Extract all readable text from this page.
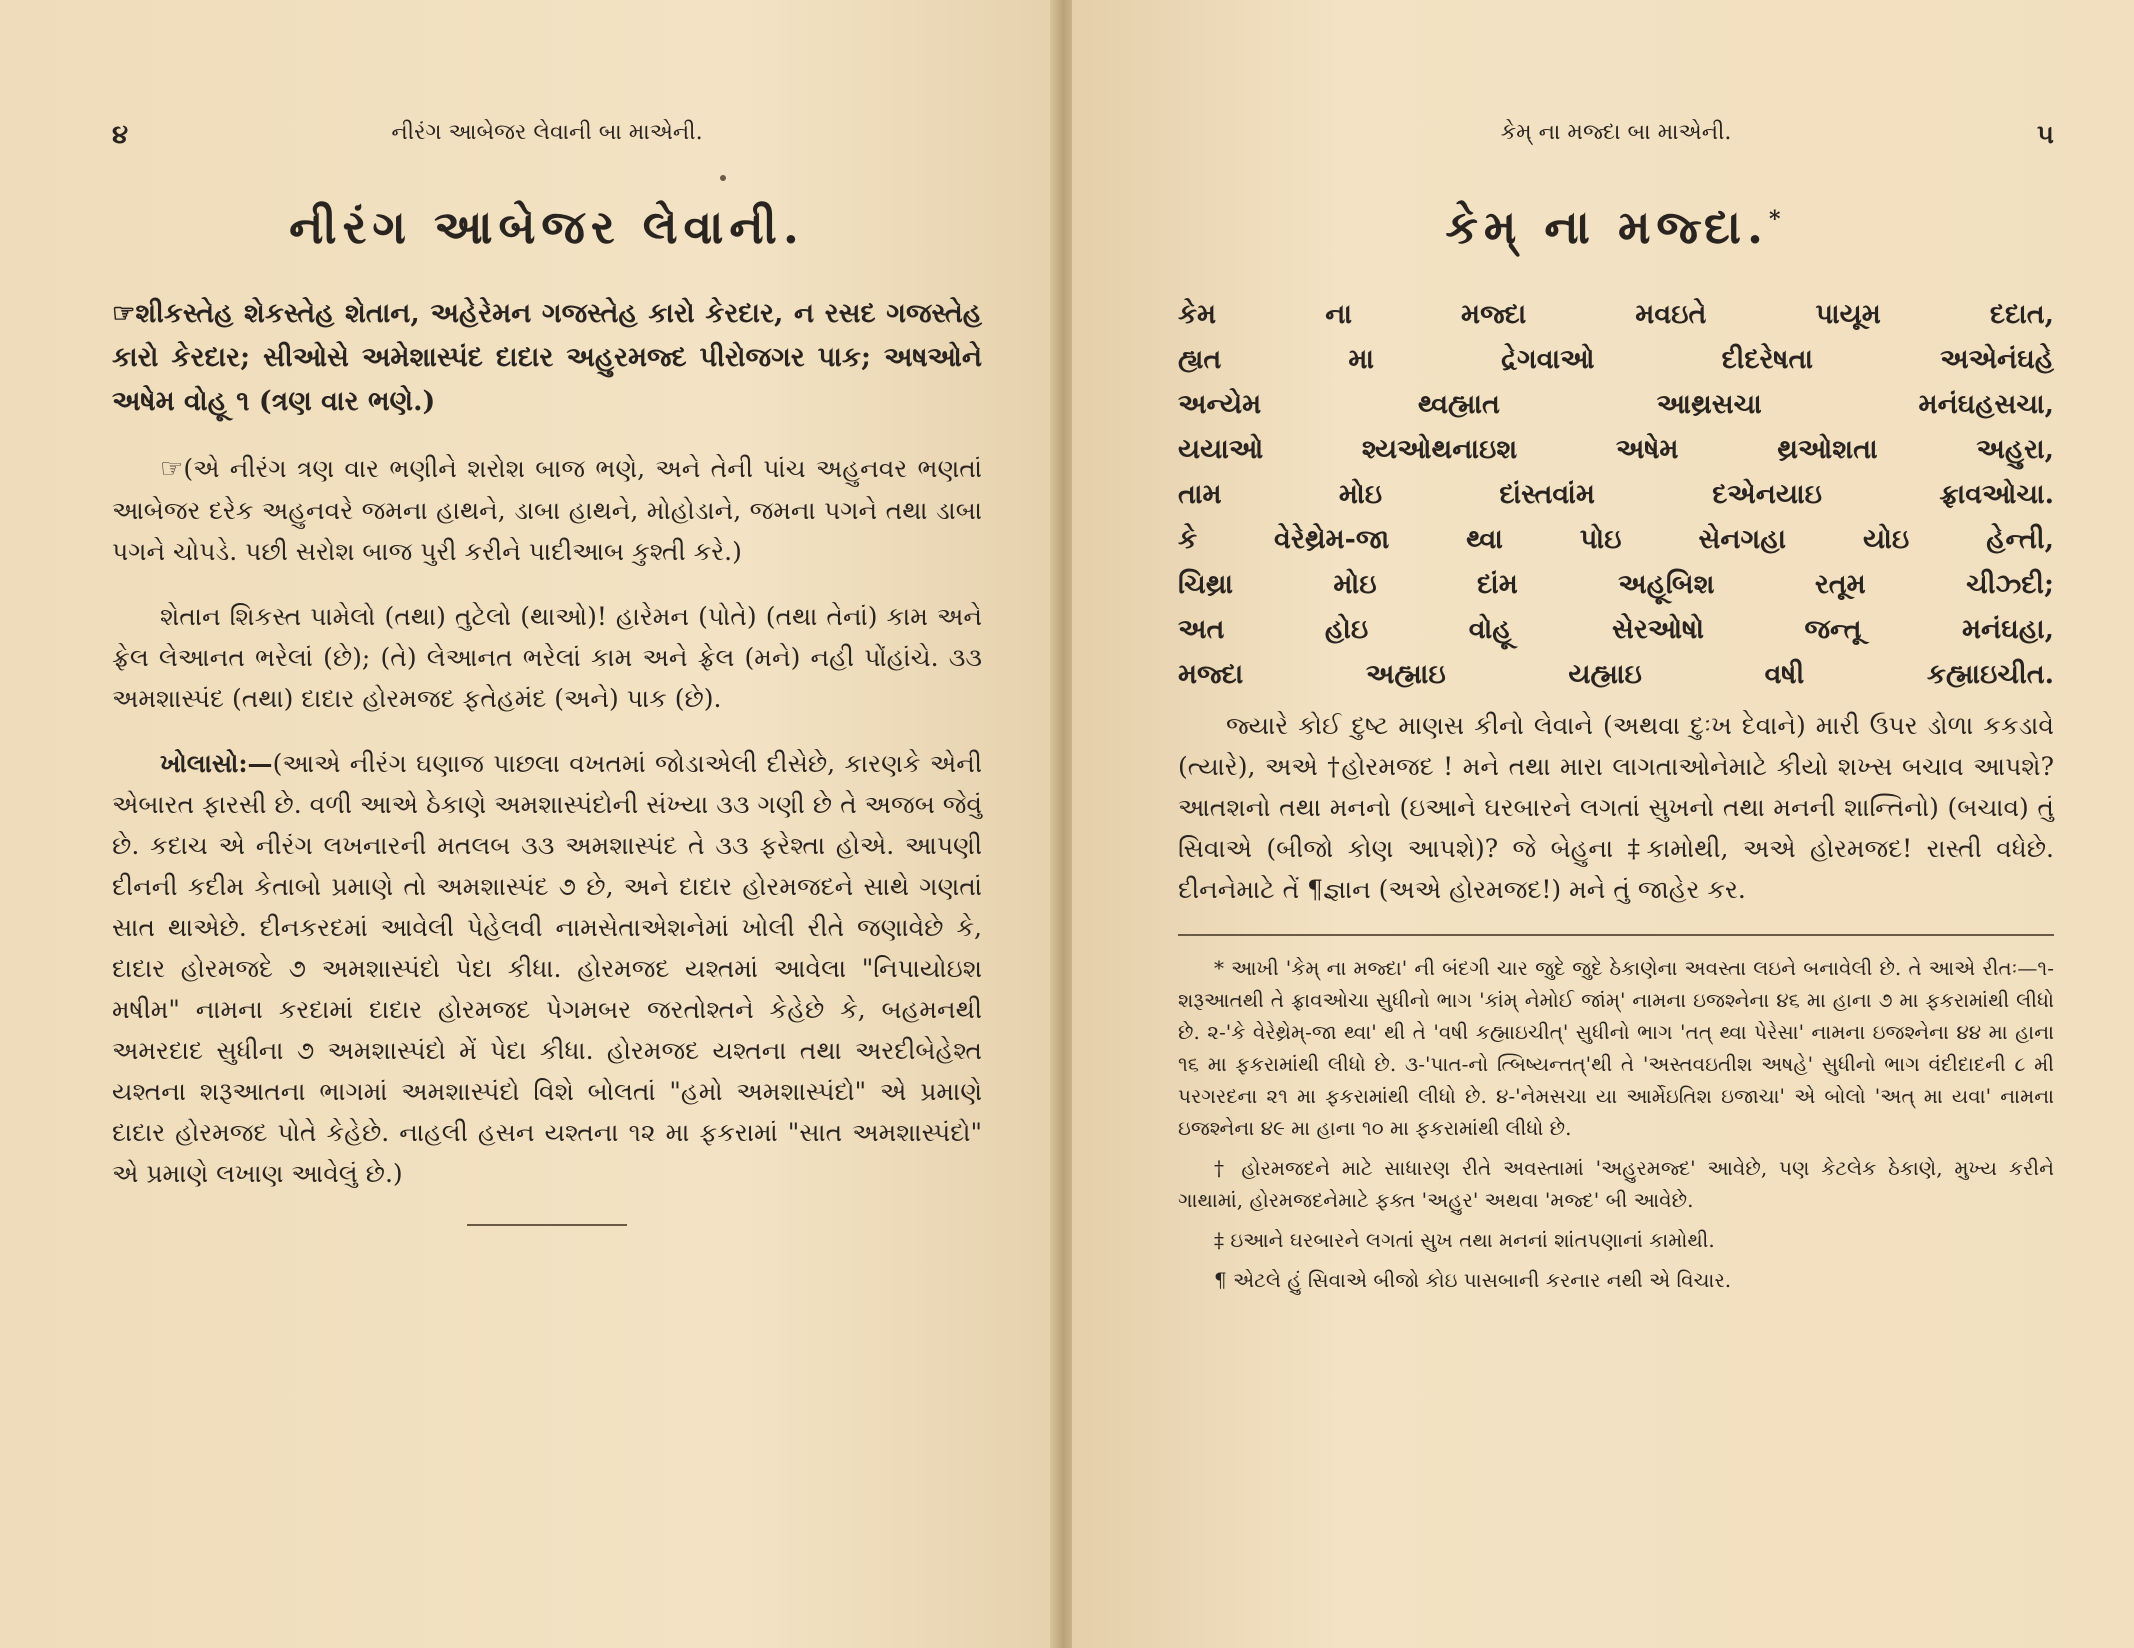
૪	નીરંગ આબેજર લેવાની બા માએની.
નીરંગ આબેજર લેવાની.

☞શીકસ્તેહ શેકસ્તેહ શેતાન, અહેરેમન ગજસ્તેહ કારો કેરદાર, ન રસદ ગજસ્તેહ કારો કેરદાર; સીઓસે અમેશાસ્પંદ દાદાર અહુરમજ્દ પીરોજગર પાક; અષઓને અષેમ વોહૂ ૧ (ત્રણ વાર ભણે.)

☞(એ નીરંગ ત્રણ વાર ભણીને શરોશ બાજ ભણે, અને તેની પાંચ અહુનવર ભણતાં આબેજર દરેક અહુનવરે જમના હાથને, ડાબા હાથને, મોહોડાને, જમના પગને તથા ડાબા પગને ચોપડે. પછી સરોશ બાજ પુરી કરીને પાદીઆબ કુશ્તી કરે.)

શેતાન શિકસ્ત પામેલો (તથા) તુટેલો (થાઓ)! હારેમન (પોતે) (તથા તેનાં) કામ અને ફ્રેલ લેઆનત ભરેલાં (છે); (તે) લેઆનત ભરેલાં કામ અને ફ્રેલ (મને) નહી પોંહાંચે. ૩૩ અમશાસ્પંદ (તથા) દાદાર હોરમજદ ફતેહમંદ (અને) પાક (છે).

ખોલાસો:—(આએ નીરંગ ઘણાજ પાછલા વખતમાં જોડાએલી દીસેછે, કારણકે એની એબારત ફારસી છે. વળી આએ ઠેકાણે અમશાસ્પંદોની સંખ્યા ૩૩ ગણી છે તે અજબ જેવું છે. કદાચ એ નીરંગ લખનારની મતલબ ૩૩ અમશાસ્પંદ તે ૩૩ ફરેશ્તા હોએ. આપણી દીનની કદીમ કેતાબો પ્રમાણે તો અમશાસ્પંદ ૭ છે, અને દાદાર હોરમજદને સાથે ગણતાં સાત થાએછે. દીનકરદમાં આવેલી પેહેલવી નામસેતાએશનેમાં ખોલી રીતે જણાવેછે કે, દાદાર હોરમજદે ૭ અમશાસ્પંદો પેદા કીધા. હોરમજદ યશ્તમાં આવેલા "નિપાયોઇશ મષીમ" નામના કરદામાં દાદાર હોરમજદ પેગમબર જરતોશ્તને કેહેછે કે, બહમનથી અમરદાદ સુધીના ૭ અમશાસ્પંદો મેં પેદા કીધા. હોરમજદ યશ્તના તથા અરદીબેહેશ્ત યશ્તના શરૂઆતના ભાગમાં અમશાસ્પંદો વિશે બોલતાં "હમો અમશાસ્પંદો" એ પ્રમાણે દાદાર હોરમજદ પોતે કેહેછે. નાહલી હસન યશ્તના ૧૨ મા ફકરામાં "સાત અમશાસ્પંદો" એ પ્રમાણે લખાણ આવેલું છે.)

કેમ્ ના મજ્દા બા માએની.	૫
કેમ્ ના મજ્દા.*
કેમ ના મજ્દા મવઇતે પાયૂમ દદાત,
હ્યત મા દ્રેગવાઓ દીદરેષતા અએનંઘહે
અન્યેમ થ્વહ્માત આથ્રસચા મનંઘહસચા,
યયાઓ શ્યઓથનાઇશ અષેમ થ્રઓશતા અહુરા,
તામ મોઇ દાંસ્તવાંમ દએનયાઇ ફ્રાવઓચા.
કે વેરેથ્રેમ-જા થ્વા પોઇ સેનગહા યોઇ હેન્તી,
ચિથ્રા મોઇ દાંમ અહૂબિશ રતૂમ ચીઝ્દી;
અત હોઇ વોહૂ સેરઓષો જન્તૂ મનંઘહા,
મજ્દા અહ્માઇ યહ્માઇ વષી કહ્માઇચીત.

જ્યારે કોઈ દુષ્ટ માણસ કીનો લેવાને (અથવા દુઃખ દેવાને) મારી ઉપર ડોળા કકડાવે (ત્યારે), અએ †હોરમજદ ! મને તથા મારા લાગતાઓનેમાટે કીયો શખ્સ બચાવ આપશે? આતશનો તથા મનનો (ઇઆને ઘરબારને લગતાં સુખનો તથા મનની શાન્તિનો) (બચાવ) તું સિવાએ (બીજો કોણ આપશે)? જે બેહુના ‡કામોથી, અએ હોરમજદ! રાસ્તી વધેછે. દીનનેમાટે તેં ¶જ્ઞાન (અએ હોરમજદ!) મને તું જાહેર કર.

* આખી 'કેમ્ ના મજ્દા' ની બંદગી ચાર જુદે જુદે ઠેકાણેના અવસ્તા લઇને બનાવેલી છે. તે આએ રીતઃ—૧-શરૂઆતથી તે ફ્રાવઓચા સુધીનો ભાગ 'કાંમ્ નેમોઈ જાંમ્' નામના ઇજશ્નેના ૪૬ મા હાના ૭ મા ફકરામાંથી લીધો છે. ૨-'કે વેરેથ્રેમ્-જા થ્વા' થી તે 'વષી કહ્માઇચીત્' સુધીનો ભાગ 'તત્ થ્વા પેરેસા' નામના ઇજશ્નેના ૪૪ મા હાના ૧૬ મા ફકરામાંથી લીધો છે. ૩-'પાત-નો ત્બિષ્યન્તત્'થી તે 'અસ્તવઇતીશ અષહે' સુધીનો ભાગ વંદીદાદની ૮ મી પરગરદના ૨૧ મા ફકરામાંથી લીધો છે. ૪-'નેમસચા યા આર્મેઇતિશ ઇજાચા' એ બોલો 'અત્ મા યવા' નામના ઇજશ્નેના ૪૯ મા હાના ૧૦ મા ફકરામાંથી લીધો છે.

† હોરમજદને માટે સાધારણ રીતે અવસ્તામાં 'અહુરમજ્દ' આવેછે, પણ કેટલેક ઠેકાણે, મુખ્ય કરીને ગાથામાં, હોરમજદનેમાટે ફક્ત 'અહુર' અથવા 'મજ્દ' બી આવેછે.

‡ ઇઆને ઘરબારને લગતાં સુખ તથા મનનાં શાંતપણાનાં કામોથી.

¶ એટલે હું સિવાએ બીજો કોઇ પાસબાની કરનાર નથી એ વિચાર.
